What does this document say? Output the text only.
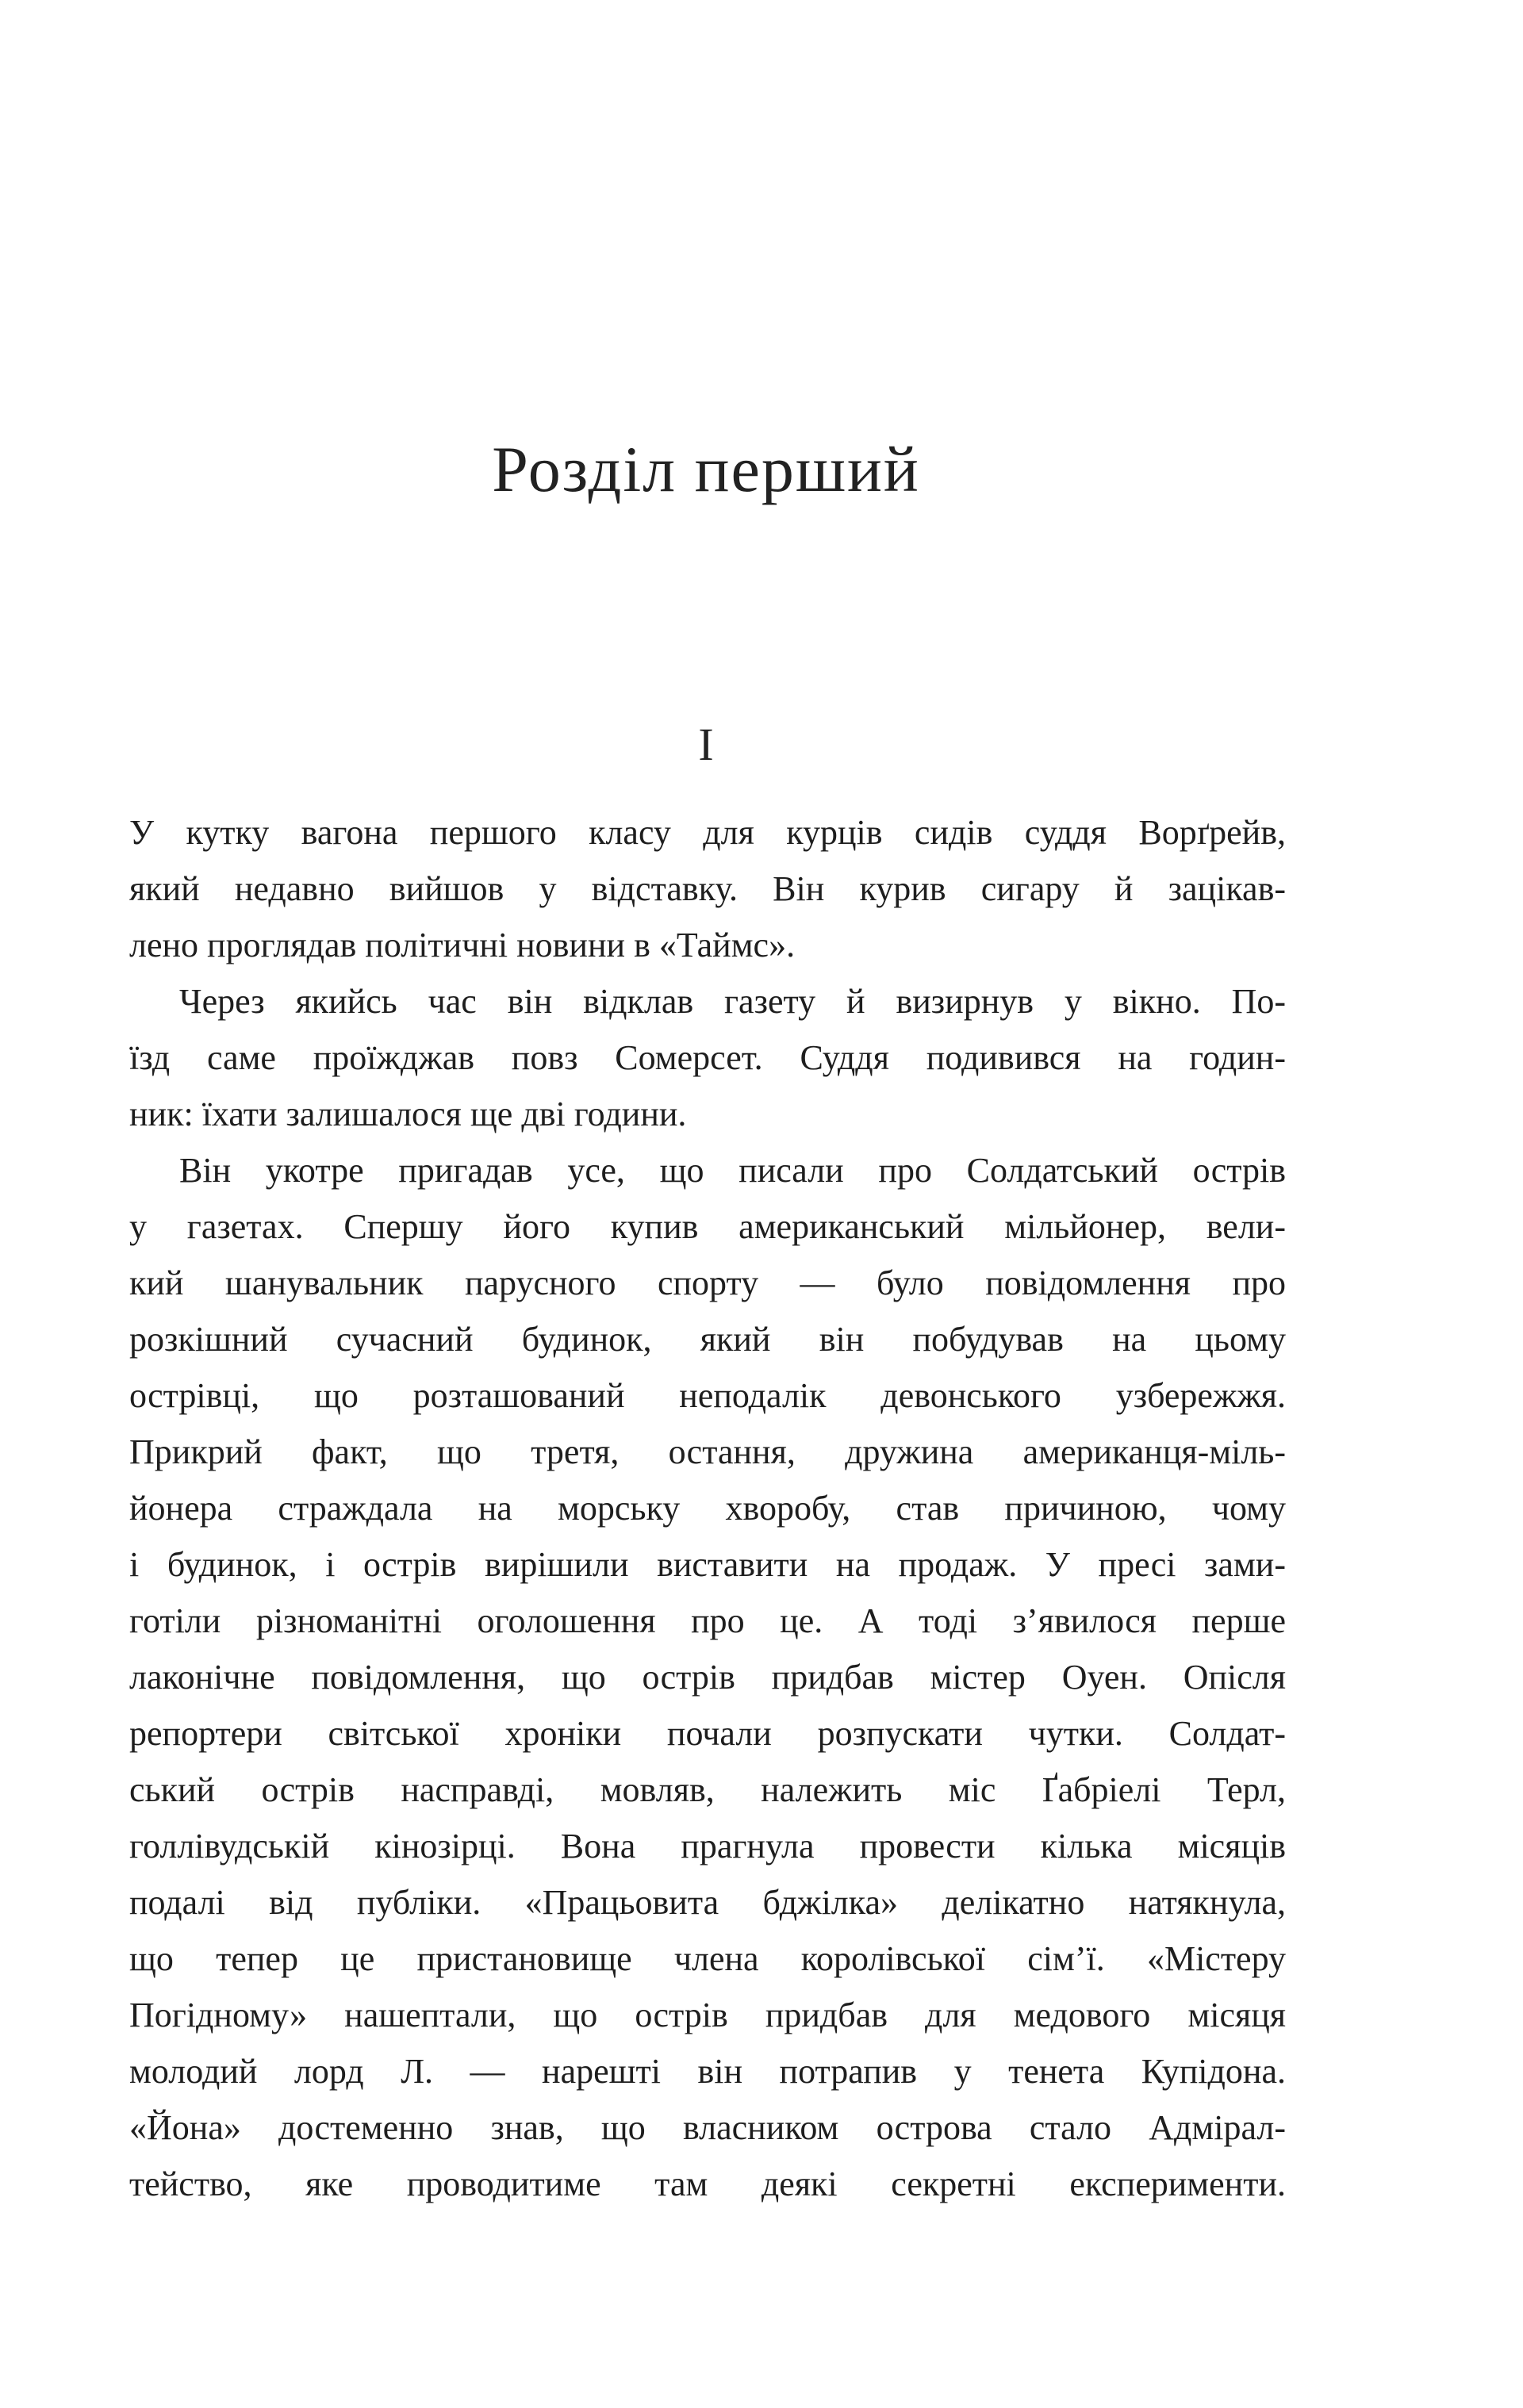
Розділ перший
I
У кутку вагона першого класу для курців сидів суддя Ворґрейв,
який недавно вийшов у відставку. Він курив сигару й зацікав-
лено проглядав політичні новини в «Таймс».
Через якийсь час він відклав газету й визирнув у вікно. По-
їзд саме проїжджав повз Сомерсет. Суддя подивився на годин-
ник: їхати залишалося ще дві години.
Він укотре пригадав усе, що писали про Солдатський острів
у газетах. Спершу його купив американський мільйонер, вели-
кий шанувальник парусного спорту — було повідомлення про
розкішний сучасний будинок, який він побудував на цьому
острівці, що розташований неподалік девонського узбережжя.
Прикрий факт, що третя, остання, дружина американця-міль-
йонера страждала на морську хворобу, став причиною, чому
і будинок, і острів вирішили виставити на продаж. У пресі зами-
готіли різноманітні оголошення про це. А тоді з’явилося перше
лаконічне повідомлення, що острів придбав містер Оуен. Опісля
репортери світської хроніки почали розпускати чутки. Солдат-
ський острів насправді, мовляв, належить міс Ґабріелі Терл,
голлівудській кінозірці. Вона прагнула провести кілька місяців
подалі від публіки. «Працьовита бджілка» делікатно натякнула,
що тепер це пристановище члена королівської сім’ї. «Містеру
Погідному» нашептали, що острів придбав для медового місяця
молодий лорд Л. — нарешті він потрапив у тенета Купідона.
«Йона» достеменно знав, що власником острова стало Адмірал-
тейство, яке проводитиме там деякі секретні експерименти.
